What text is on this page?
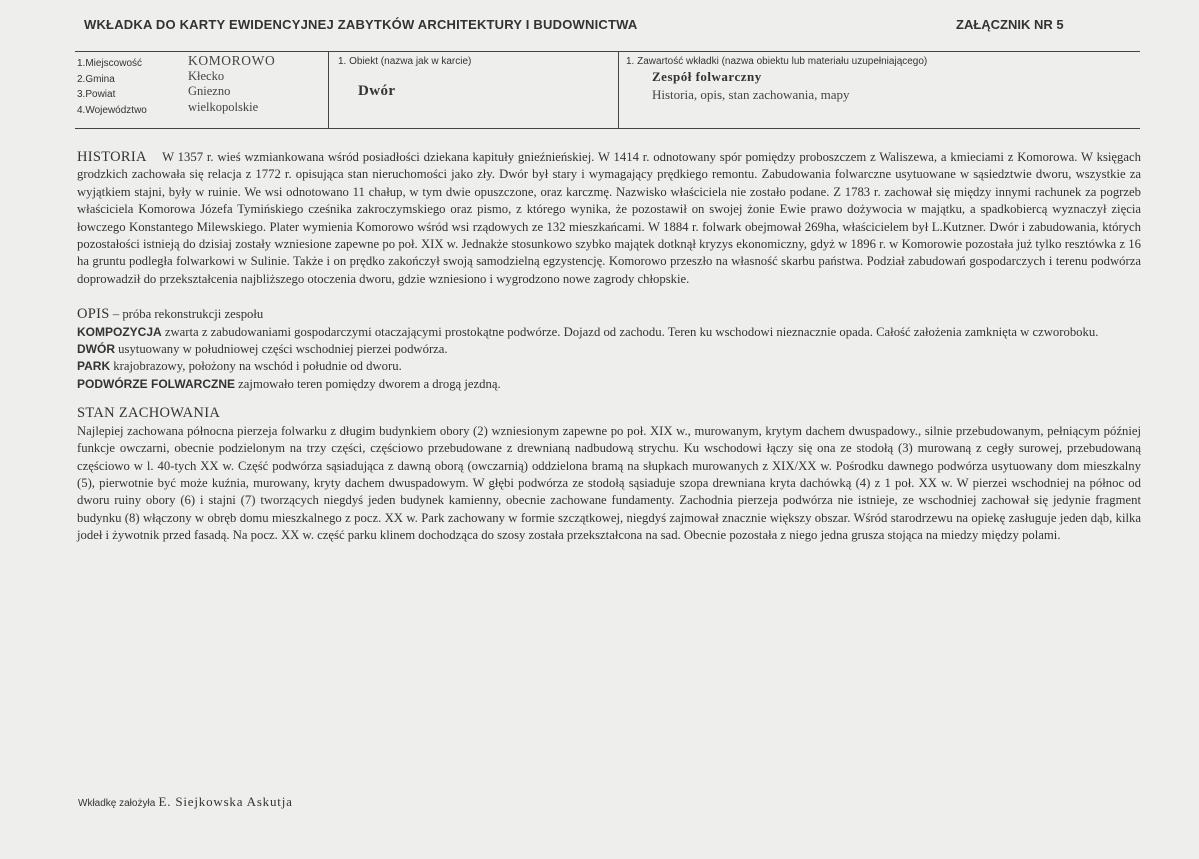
WKŁADKA DO KARTY EWIDENCYJNEJ ZABYTKÓW ARCHITEKTURY I BUDOWNICTWA	ZAŁĄCZNIK NR 5
1.Miejscowość
2.Gmina
3.Powiat
4.Województwo
KOMOROWO
Kłecko
Gniezno
wielkopolskie
1. Obiekt (nazwa jak w karcie)
Dwór
1. Zawartość wkładki (nazwa obiektu lub materiału uzupełniającego)
Zespół folwarczny
Historia, opis, stan zachowania, mapy

HISTORIA W 1357 r. wieś wzmiankowana wśród posiadłości dziekana kapituły gnieźnieńskiej. W 1414 r. odnotowany spór pomiędzy proboszczem z Waliszewa, a kmieciami z Komorowa. W księgach grodzkich zachowała się relacja z 1772 r. opisująca stan nieruchomości jako zły. Dwór był stary i wymagający prędkiego remontu. Zabudowania folwarczne usytuowane w sąsiedztwie dworu, wszystkie za wyjątkiem stajni, były w ruinie. We wsi odnotowano 11 chałup, w tym dwie opuszczone, oraz karczmę. Nazwisko właściciela nie zostało podane. Z 1783 r. zachował się między innymi rachunek za pogrzeb właściciela Komorowa Józefa Tymińskiego cześnika zakroczymskiego oraz pismo, z którego wynika, że pozostawił on swojej żonie Ewie prawo dożywocia w majątku, a spadkobiercą wyznaczył zięcia łowczego Konstantego Milewskiego. Plater wymienia Komorowo wśród wsi rządowych ze 132 mieszkańcami. W 1884 r. folwark obejmował 269ha, właścicielem był L.Kutzner. Dwór i zabudowania, których pozostałości istnieją do dzisiaj zostały wzniesione zapewne po poł. XIX w. Jednakże stosunkowo szybko majątek dotknął kryzys ekonomiczny, gdyż w 1896 r. w Komorowie pozostała już tylko resztówka z 16 ha gruntu podległa folwarkowi w Sulinie. Także i on prędko zakończył swoją samodzielną egzystencję. Komorowo przeszło na własność skarbu państwa. Podział zabudowań gospodarczych i terenu podwórza doprowadził do przekształcenia najbliższego otoczenia dworu, gdzie wzniesiono i wygrodzono nowe zagrody chłopskie.

OPIS – próba rekonstrukcji zespołu

KOMPOZYCJA zwarta z zabudowaniami gospodarczymi otaczającymi prostokątne podwórze. Dojazd od zachodu. Teren ku wschodowi nieznacznie opada. Całość założenia zamknięta w czworoboku.

DWÓR usytuowany w południowej części wschodniej pierzei podwórza.

PARK krajobrazowy, położony na wschód i południe od dworu.

PODWÓRZE FOLWARCZNE zajmowało teren pomiędzy dworem a drogą jezdną.

STAN ZACHOWANIA

Najlepiej zachowana północna pierzeja folwarku z długim budynkiem obory (2) wzniesionym zapewne po poł. XIX w., murowanym, krytym dachem dwuspadowy., silnie przebudowanym, pełniącym później funkcje owczarni, obecnie podzielonym na trzy części, częściowo przebudowane z drewnianą nadbudową strychu. Ku wschodowi łączy się ona ze stodołą (3) murowaną z cegły surowej, przebudowaną częściowo w l. 40-tych XX w. Część podwórza sąsiadująca z dawną oborą (owczarnią) oddzielona bramą na słupkach murowanych z XIX/XX w. Pośrodku dawnego podwórza usytuowany dom mieszkalny (5), pierwotnie być może kuźnia, murowany, kryty dachem dwuspadowym. W głębi podwórza ze stodołą sąsiaduje szopa drewniana kryta dachówką (4) z 1 poł. XX w. W pierzei wschodniej na północ od dworu ruiny obory (6) i stajni (7) tworzących niegdyś jeden budynek kamienny, obecnie zachowane fundamenty. Zachodnia pierzeja podwórza nie istnieje, ze wschodniej zachował się jedynie fragment budynku (8) włączony w obręb domu mieszkalnego z pocz. XX w. Park zachowany w formie szczątkowej, niegdyś zajmował znacznie większy obszar. Wśród starodrzewu na opiekę zasługuje jeden dąb, kilka jodeł i żywotnik przed fasadą. Na pocz. XX w. część parku klinem dochodząca do szosy została przekształcona na sad. Obecnie pozostała z niego jedna grusza stojąca na miedzy między polami.

Wkładkę założyła E. Siejkowska Askutja
